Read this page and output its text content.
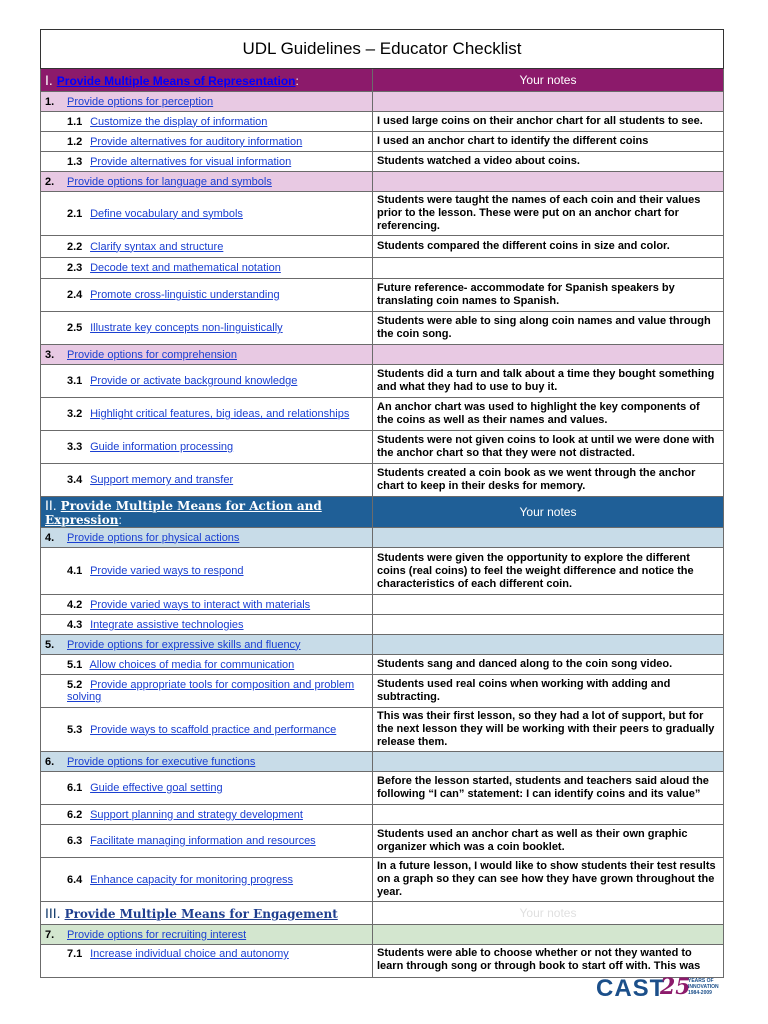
UDL Guidelines – Educator Checklist	
I. Provide Multiple Means of Representation:	Your notes
1. Provide options for perception	
1.1 Customize the display of information	I used large coins on their anchor chart for all students to see.
1.2 Provide alternatives for auditory information	I used an anchor chart to identify the different coins
1.3 Provide alternatives for visual information	Students watched a video about coins.
2. Provide options for language and symbols	
2.1 Define vocabulary and symbols	Students were taught the names of each coin and their values prior to the lesson. These were put on an anchor chart for referencing.
2.2 Clarify syntax and structure	Students compared the different coins in size and color.
2.3 Decode text and mathematical notation	
2.4 Promote cross-linguistic understanding	Future reference- accommodate for Spanish speakers by translating coin names to Spanish.
2.5 Illustrate key concepts non-linguistically	Students were able to sing along coin names and value through the coin song.
3. Provide options for comprehension	
3.1 Provide or activate background knowledge	Students did a turn and talk about a time they bought something and what they had to use to buy it.
3.2 Highlight critical features, big ideas, and relationships	An anchor chart was used to highlight the key components of the coins as well as their names and values.
3.3 Guide information processing	Students were not given coins to look at until we were done with the anchor chart so that they were not distracted.
3.4 Support memory and transfer	Students created a coin book as we went through the anchor chart to keep in their desks for memory.
II. Provide Multiple Means for Action and Expression:	Your notes
4. Provide options for physical actions	
4.1 Provide varied ways to respond	Students were given the opportunity to explore the different coins (real coins) to feel the weight difference and notice the characteristics of each different coin.
4.2 Provide varied ways to interact with materials	
4.3 Integrate assistive technologies	
5. Provide options for expressive skills and fluency	
5.1 Allow choices of media for communication	Students sang and danced along to the coin song video.
5.2 Provide appropriate tools for composition and problem solving	Students used real coins when working with adding and subtracting.
5.3 Provide ways to scaffold practice and performance	This was their first lesson, so they had a lot of support, but for the next lesson they will be working with their peers to gradually release them.
6. Provide options for executive functions	
6.1 Guide effective goal setting	Before the lesson started, students and teachers said aloud the following “I can” statement: I can identify coins and its value”
6.2 Support planning and strategy development	
6.3 Facilitate managing information and resources	Students used an anchor chart as well as their own graphic organizer which was a coin booklet.
6.4 Enhance capacity for monitoring progress	In a future lesson, I would like to show students their test results on a graph so they can see how they have grown throughout the year.
III. Provide Multiple Means for Engagement	Your notes
7. Provide options for recruiting interest	
7.1 Increase individual choice and autonomy	Students were able to choose whether or not they wanted to learn through song or through book to start off with. This was
CAST
25
YEARS OF
INNOVATION
1984-2009
